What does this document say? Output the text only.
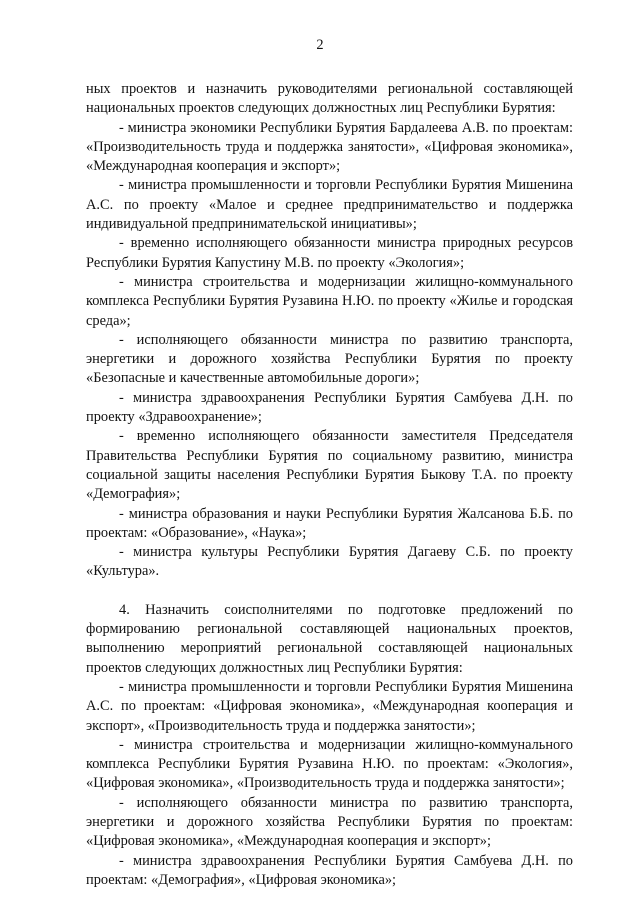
2

ных проектов и назначить руководителями региональной составляющей национальных проектов следующих должностных лиц Республики Бурятия:

- министра экономики Республики Бурятия Бардалеева А.В. по проектам: «Производительность труда и поддержка занятости», «Цифровая экономика», «Международная кооперация и экспорт»;

- министра промышленности и торговли Республики Бурятия Мишенина А.С. по проекту «Малое и среднее предпринимательство и поддержка индивидуальной предпринимательской инициативы»;

- временно исполняющего обязанности министра природных ресурсов Республики Бурятия Капустину М.В. по проекту «Экология»;

- министра строительства и модернизации жилищно-коммунального комплекса Республики Бурятия Рузавина Н.Ю. по проекту «Жилье и городская среда»;

- исполняющего обязанности министра по развитию транспорта, энергетики и дорожного хозяйства Республики Бурятия по проекту «Безопасные и качественные автомобильные дороги»;

- министра здравоохранения Республики Бурятия Самбуева Д.Н. по проекту «Здравоохранение»;

- временно исполняющего обязанности заместителя Председателя Правительства Республики Бурятия по социальному развитию, министра социальной защиты населения Республики Бурятия Быкову Т.А. по проекту «Демография»;

- министра образования и науки Республики Бурятия Жалсанова Б.Б. по проектам: «Образование», «Наука»;

- министра культуры Республики Бурятия Дагаеву С.Б. по проекту «Культура».

4. Назначить соисполнителями по подготовке предложений по формированию региональной составляющей национальных проектов, выполнению мероприятий региональной составляющей национальных проектов следующих должностных лиц Республики Бурятия:

- министра промышленности и торговли Республики Бурятия Мишенина А.С. по проектам: «Цифровая экономика», «Международная кооперация и экспорт», «Производительность труда и поддержка занятости»;

- министра строительства и модернизации жилищно-коммунального комплекса Республики Бурятия Рузавина Н.Ю. по проектам: «Экология», «Цифровая экономика», «Производительность труда и поддержка занятости»;

- исполняющего обязанности министра по развитию транспорта, энергетики и дорожного хозяйства Республики Бурятия по проектам: «Цифровая экономика», «Международная кооперация и экспорт»;

- министра здравоохранения Республики Бурятия Самбуева Д.Н. по проектам: «Демография», «Цифровая экономика»;
